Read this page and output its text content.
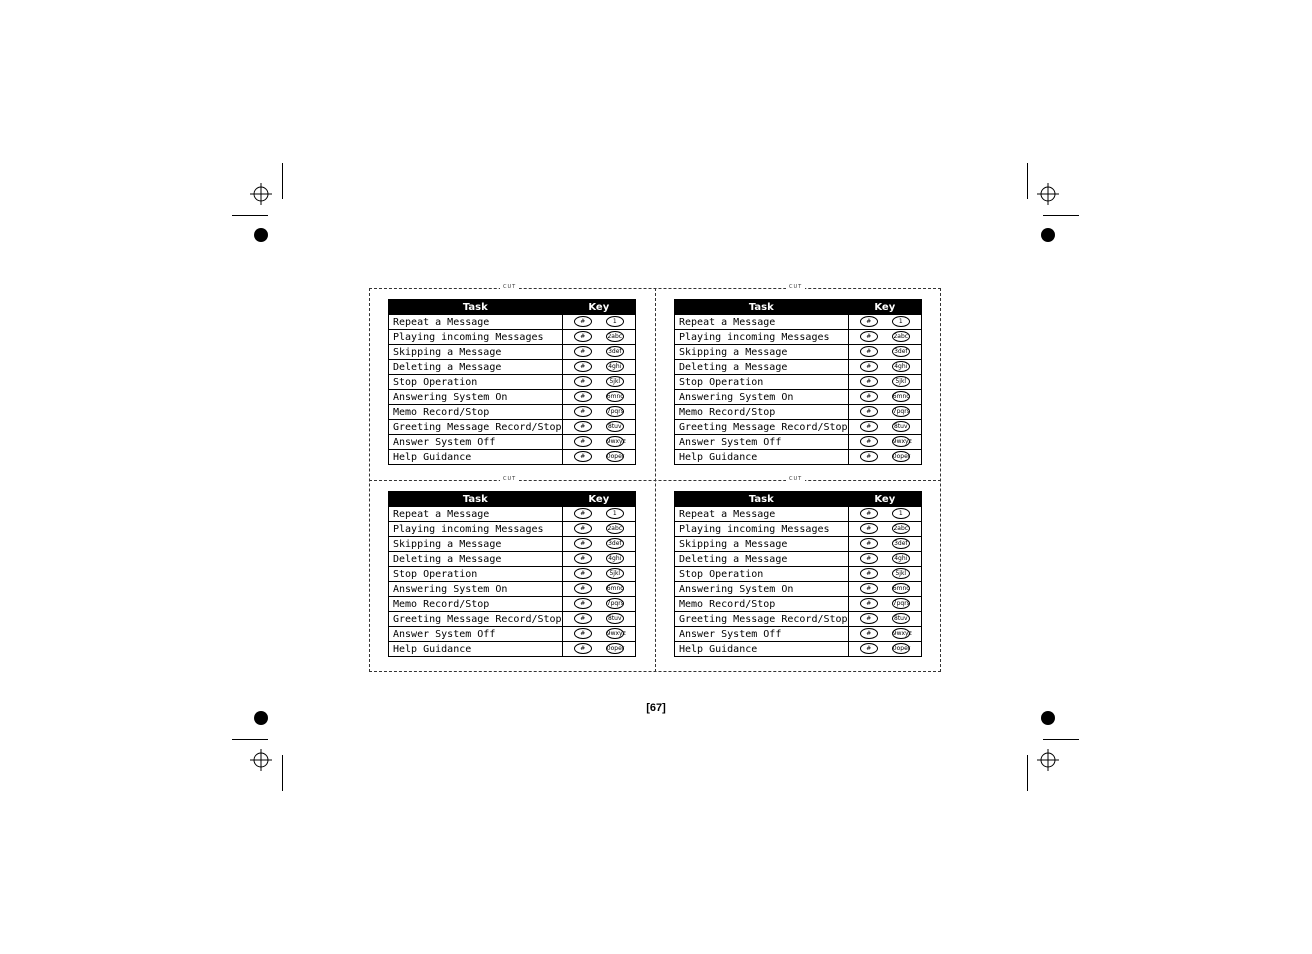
CUT	CUT
CUT	CUT
Task	Key
Repeat a Message	# 1
Playing incoming Messages	# 2abc
Skipping a Message	# 3def
Deleting a Message	# 4ghi
Stop Operation	# 5jkl
Answering System On	# 6mno
Memo Record/Stop	# 7pqrs
Greeting Message Record/Stop	# 8tuv
Answer System Off	# 9wxyz
Help Guidance	# 0oper
Task	Key
Repeat a Message	# 1
Playing incoming Messages	# 2abc
Skipping a Message	# 3def
Deleting a Message	# 4ghi
Stop Operation	# 5jkl
Answering System On	# 6mno
Memo Record/Stop	# 7pqrs
Greeting Message Record/Stop	# 8tuv
Answer System Off	# 9wxyz
Help Guidance	# 0oper
Task	Key
Repeat a Message	# 1
Playing incoming Messages	# 2abc
Skipping a Message	# 3def
Deleting a Message	# 4ghi
Stop Operation	# 5jkl
Answering System On	# 6mno
Memo Record/Stop	# 7pqrs
Greeting Message Record/Stop	# 8tuv
Answer System Off	# 9wxyz
Help Guidance	# 0oper
Task	Key
Repeat a Message	# 1
Playing incoming Messages	# 2abc
Skipping a Message	# 3def
Deleting a Message	# 4ghi
Stop Operation	# 5jkl
Answering System On	# 6mno
Memo Record/Stop	# 7pqrs
Greeting Message Record/Stop	# 8tuv
Answer System Off	# 9wxyz
Help Guidance	# 0oper
[67]
